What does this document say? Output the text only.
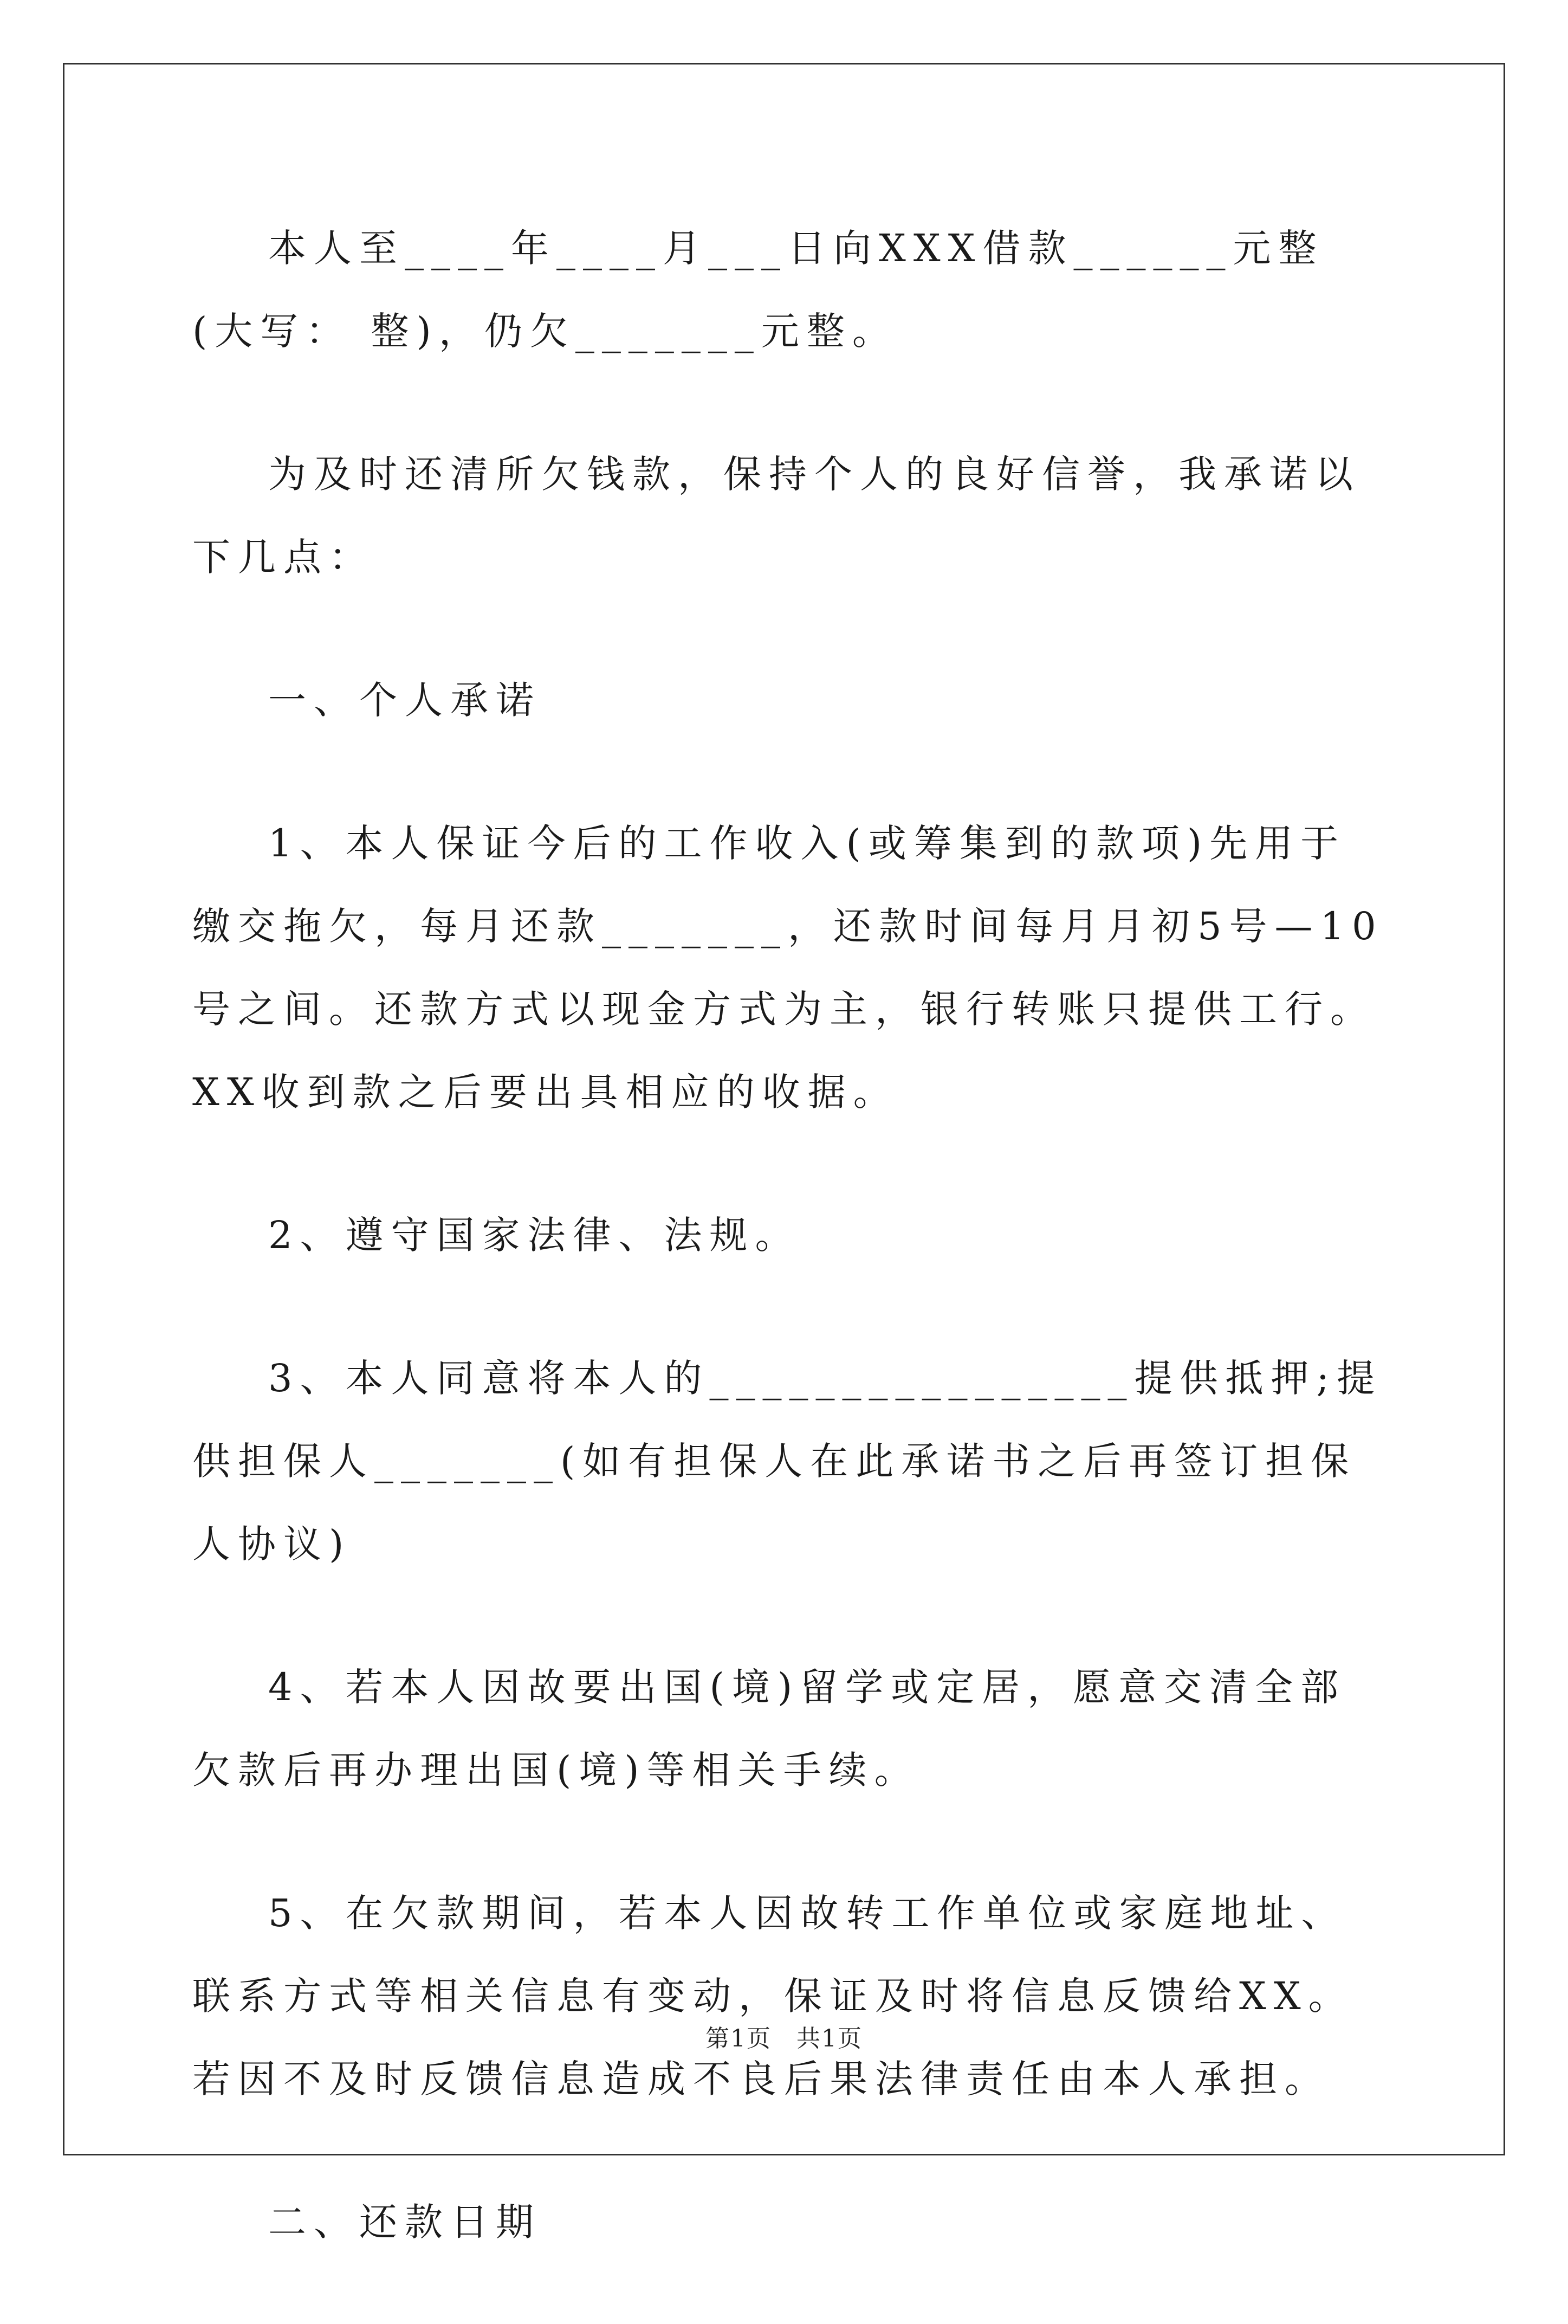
本人至____年____月___日向XXX借款______元整(大写： 整)，仍欠_______元整。

为及时还清所欠钱款，保持个人的良好信誉，我承诺以下几点：

一、个人承诺

1、本人保证今后的工作收入(或筹集到的款项)先用于缴交拖欠，每月还款_______，还款时间每月月初5号—10号之间。还款方式以现金方式为主，银行转账只提供工行。XX收到款之后要出具相应的收据。

2、遵守国家法律、法规。

3、本人同意将本人的________________提供抵押;提供担保人_______(如有担保人在此承诺书之后再签订担保人协议)

4、若本人因故要出国(境)留学或定居，愿意交清全部欠款后再办理出国(境)等相关手续。

5、在欠款期间，若本人因故转工作单位或家庭地址、联系方式等相关信息有变动，保证及时将信息反馈给XX。若因不及时反馈信息造成不良后果法律责任由本人承担。

二、还款日期

第1页　共1页
